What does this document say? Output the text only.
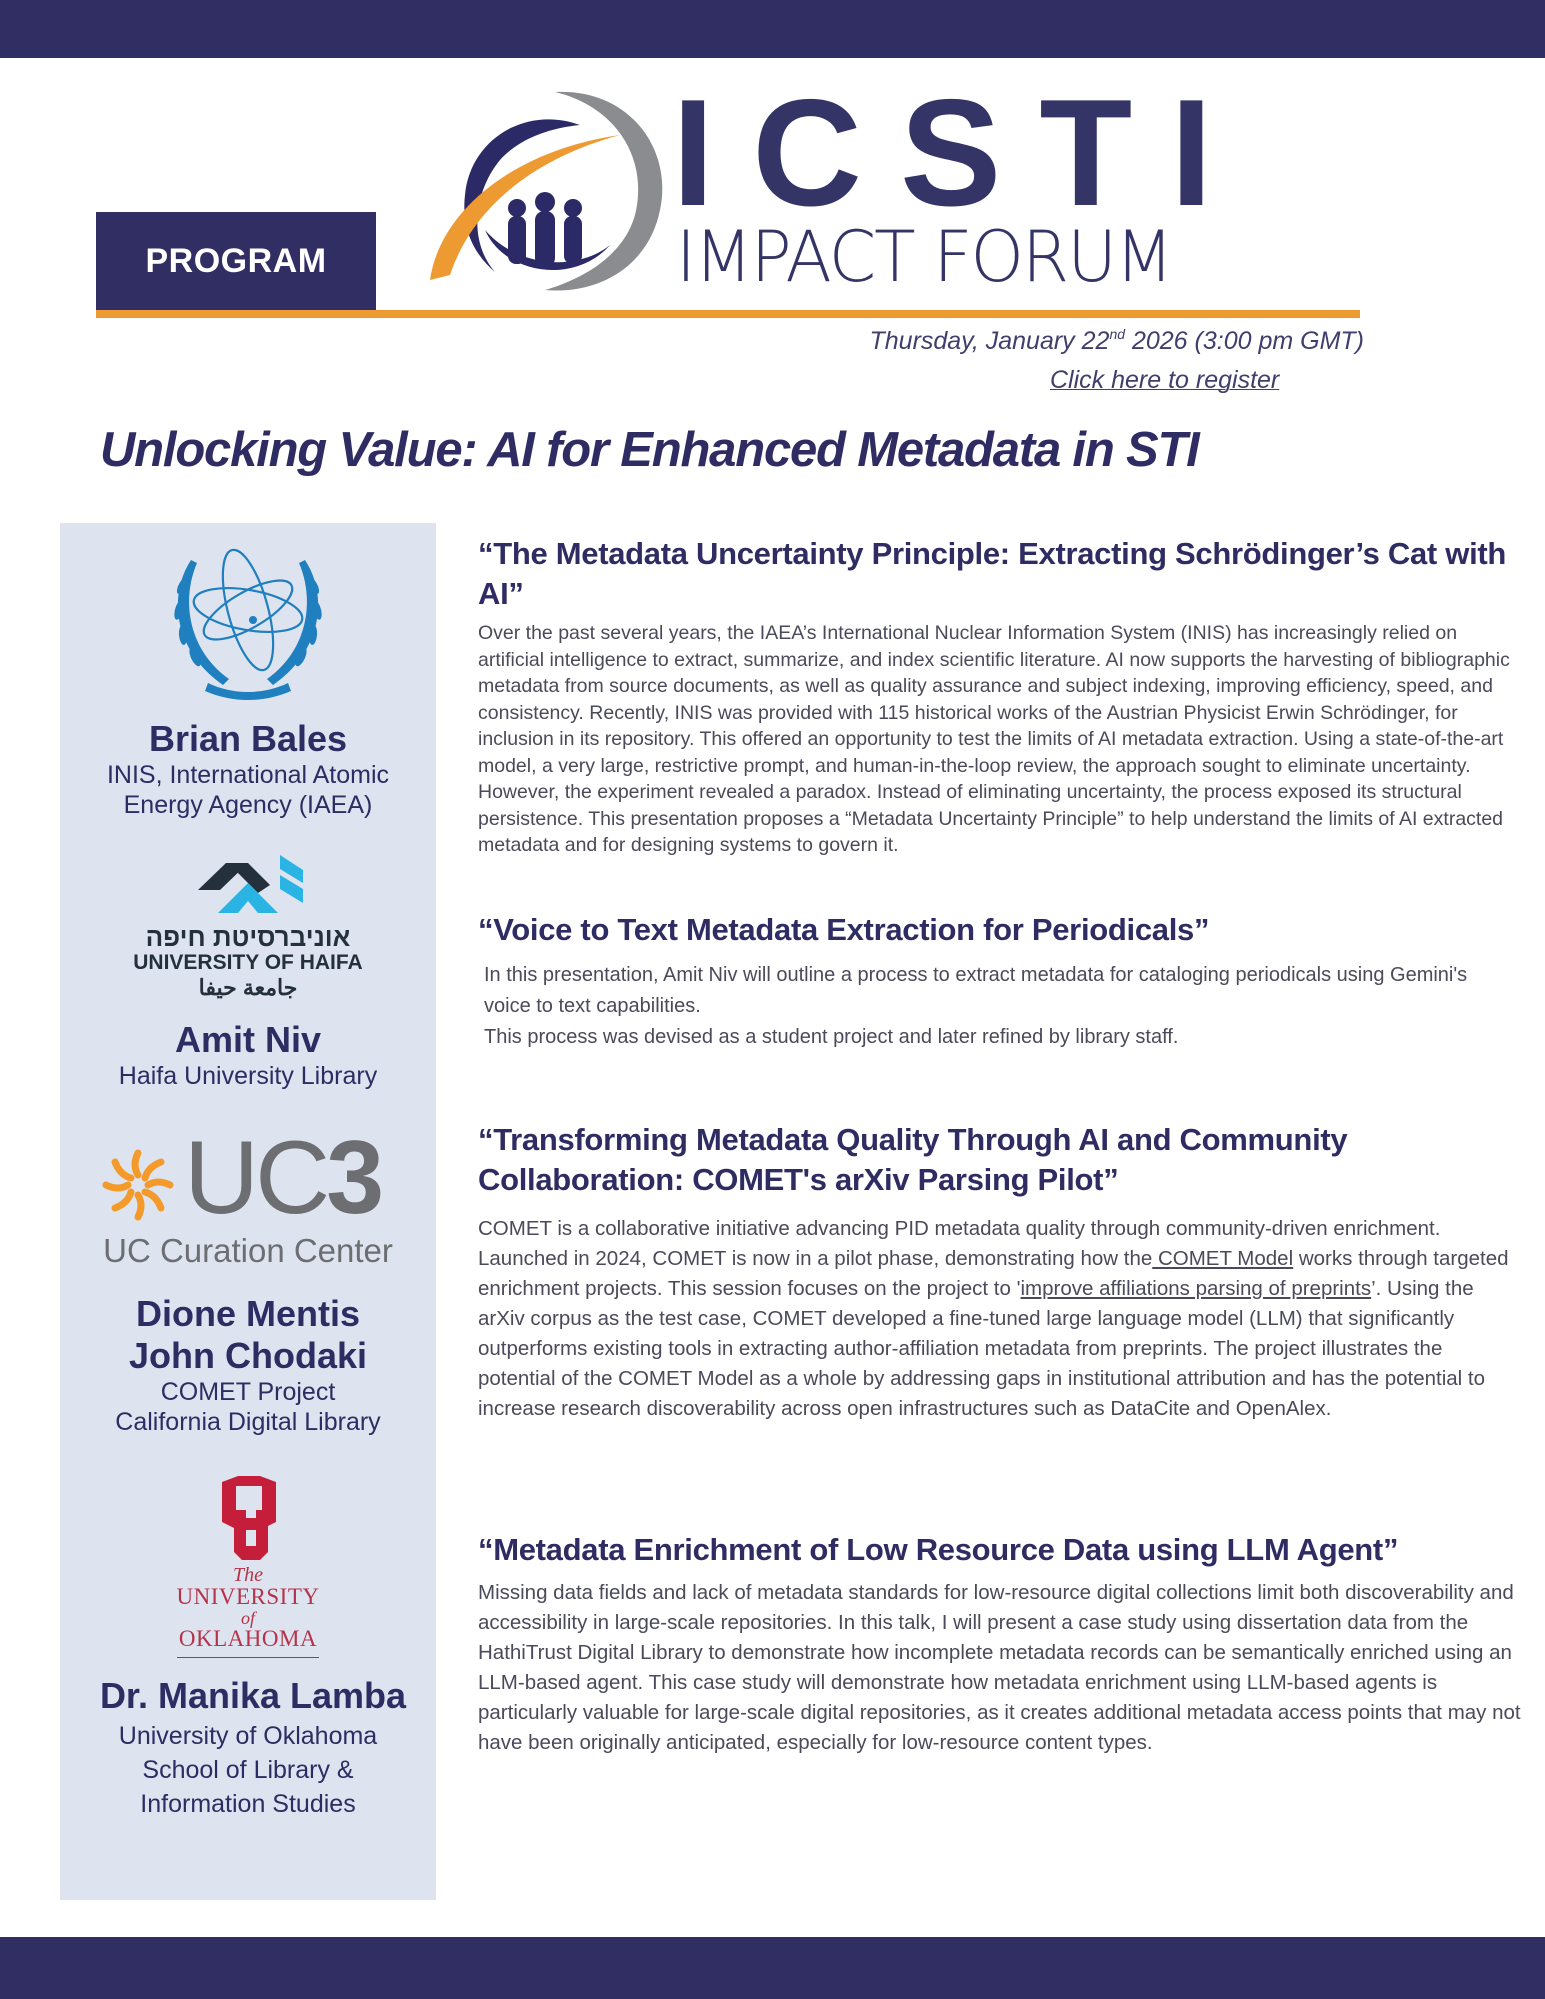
PROGRAM
ICSTI
IMPACT FORUM
Thursday, January 22nd 2026 (3:00 pm GMT)
Click here to register
Unlocking Value: AI for Enhanced Metadata in STI
Brian Bales
INIS, International Atomic
Energy Agency (IAEA)
אוניברסיטת חיפה
UNIVERSITY OF HAIFA
جامعة حيفا
Amit Niv
Haifa University Library
UC3
UC Curation Center
Dione Mentis
John Chodaki
COMET Project
California Digital Library
The
UNIVERSITY
of
OKLAHOMA
Dr. Manika Lamba
University of Oklahoma
School of Library &
Information Studies
“The Metadata Uncertainty Principle: Extracting Schrödinger’s Cat with AI”
Over the past several years, the IAEA’s International Nuclear Information System (INIS) has increasingly relied on artificial intelligence to extract, summarize, and index scientific literature. AI now supports the harvesting of bibliographic metadata from source documents, as well as quality assurance and subject indexing, improving efficiency, speed, and consistency. Recently, INIS was provided with 115 historical works of the Austrian Physicist Erwin Schrödinger, for inclusion in its repository. This offered an opportunity to test the limits of AI metadata extraction. Using a state-of-the-art model, a very large, restrictive prompt, and human-in-the-loop review, the approach sought to eliminate uncertainty. However, the experiment revealed a paradox. Instead of eliminating uncertainty, the process exposed its structural persistence. This presentation proposes a “Metadata Uncertainty Principle” to help understand the limits of AI extracted metadata and for designing systems to govern it.
“Voice to Text Metadata Extraction for Periodicals”

In this presentation, Amit Niv will outline a process to extract metadata for cataloging periodicals using Gemini's voice to text capabilities.

This process was devised as a student project and later refined by library staff.

“Transforming Metadata Quality Through AI and Community Collaboration: COMET's arXiv Parsing Pilot”
COMET is a collaborative initiative advancing PID metadata quality through community-driven enrichment. Launched in 2024, COMET is now in a pilot phase, demonstrating how the COMET Model works through targeted enrichment projects. This session focuses on the project to 'improve affiliations parsing of preprints’. Using the arXiv corpus as the test case, COMET developed a fine-tuned large language model (LLM) that significantly outperforms existing tools in extracting author-affiliation metadata from preprints. The project illustrates the potential of the COMET Model as a whole by addressing gaps in institutional attribution and has the potential to increase research discoverability across open infrastructures such as DataCite and OpenAlex.
“Metadata Enrichment of Low Resource Data using LLM Agent”
Missing data fields and lack of metadata standards for low-resource digital collections limit both discoverability and accessibility in large-scale repositories. In this talk, I will present a case study using dissertation data from the HathiTrust Digital Library to demonstrate how incomplete metadata records can be semantically enriched using an LLM-based agent. This case study will demonstrate how metadata enrichment using LLM-based agents is particularly valuable for large-scale digital repositories, as it creates additional metadata access points that may not have been originally anticipated, especially for low-resource content types.
